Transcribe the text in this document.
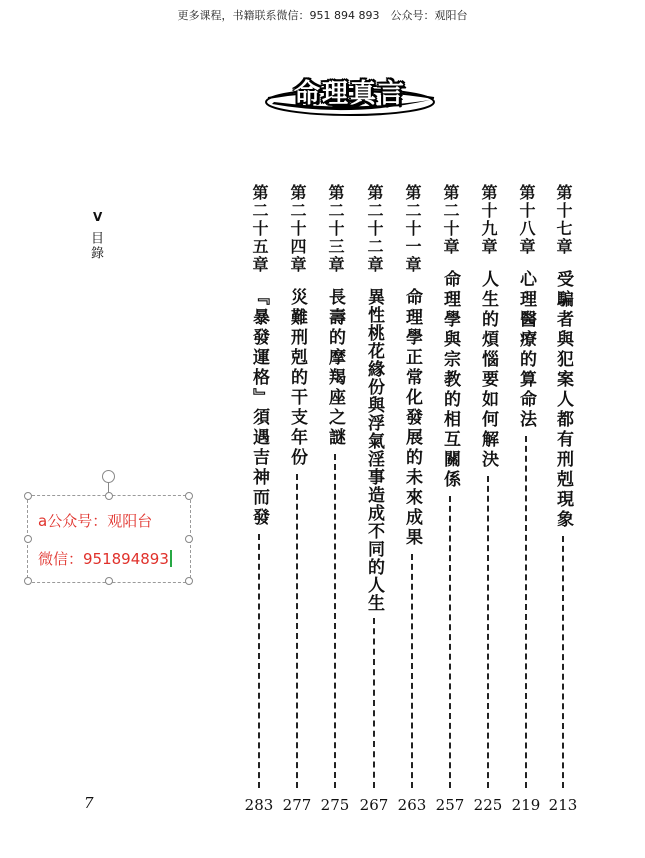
更多课程，书籍联系微信：951 894 893　公众号：观阳台
命理真言
V
目錄	第十七章
受騙者與犯案人都有刑剋現象
第十八章
心理醫療的算命法
第十九章
人生的煩惱要如何解決
第二十章
命理學與宗教的相互關係
第二十一章
命理學正常化發展的未來成果
第二十二章
異性桃花緣份與浮氣淫事造成不同的人生
第二十三章
長壽的摩羯座之謎
第二十四章
災難刑剋的干支年份
第二十五章
『暴發運格』須遇吉神而發
213
219
225
257
263
267
275
277
283
7
a公众号：观阳台
微信：951894893
